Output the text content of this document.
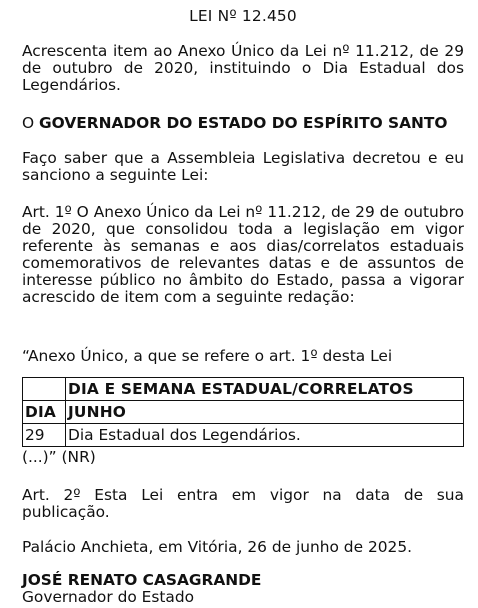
LEI Nº 12.450

Acrescenta item ao Anexo Único da Lei nº 11.212, de 29 de outubro de 2020, instituindo o Dia Estadual dos Legendários.

O GOVERNADOR DO ESTADO DO ESPÍRITO SANTO

Faço saber que a Assembleia Legislativa decretou e eu sanciono a seguinte Lei:

Art. 1º O Anexo Único da Lei nº 11.212, de 29 de outubro de 2020, que consolidou toda a legislação em vigor referente às semanas e aos dias/correlatos estaduais comemorativos de relevantes datas e de assuntos de interesse público no âmbito do Estado, passa a vigorar acrescido de item com a seguinte redação:

“Anexo Único, a que se refere o art. 1º desta Lei

	DIA E SEMANA ESTADUAL/CORRELATOS
DIA	JUNHO
29	Dia Estadual dos Legendários.

(...)” (NR)

Art. 2º Esta Lei entra em vigor na data de sua publicação.

Palácio Anchieta, em Vitória, 26 de junho de 2025.

JOSÉ RENATO CASAGRANDE

Governador do Estado
